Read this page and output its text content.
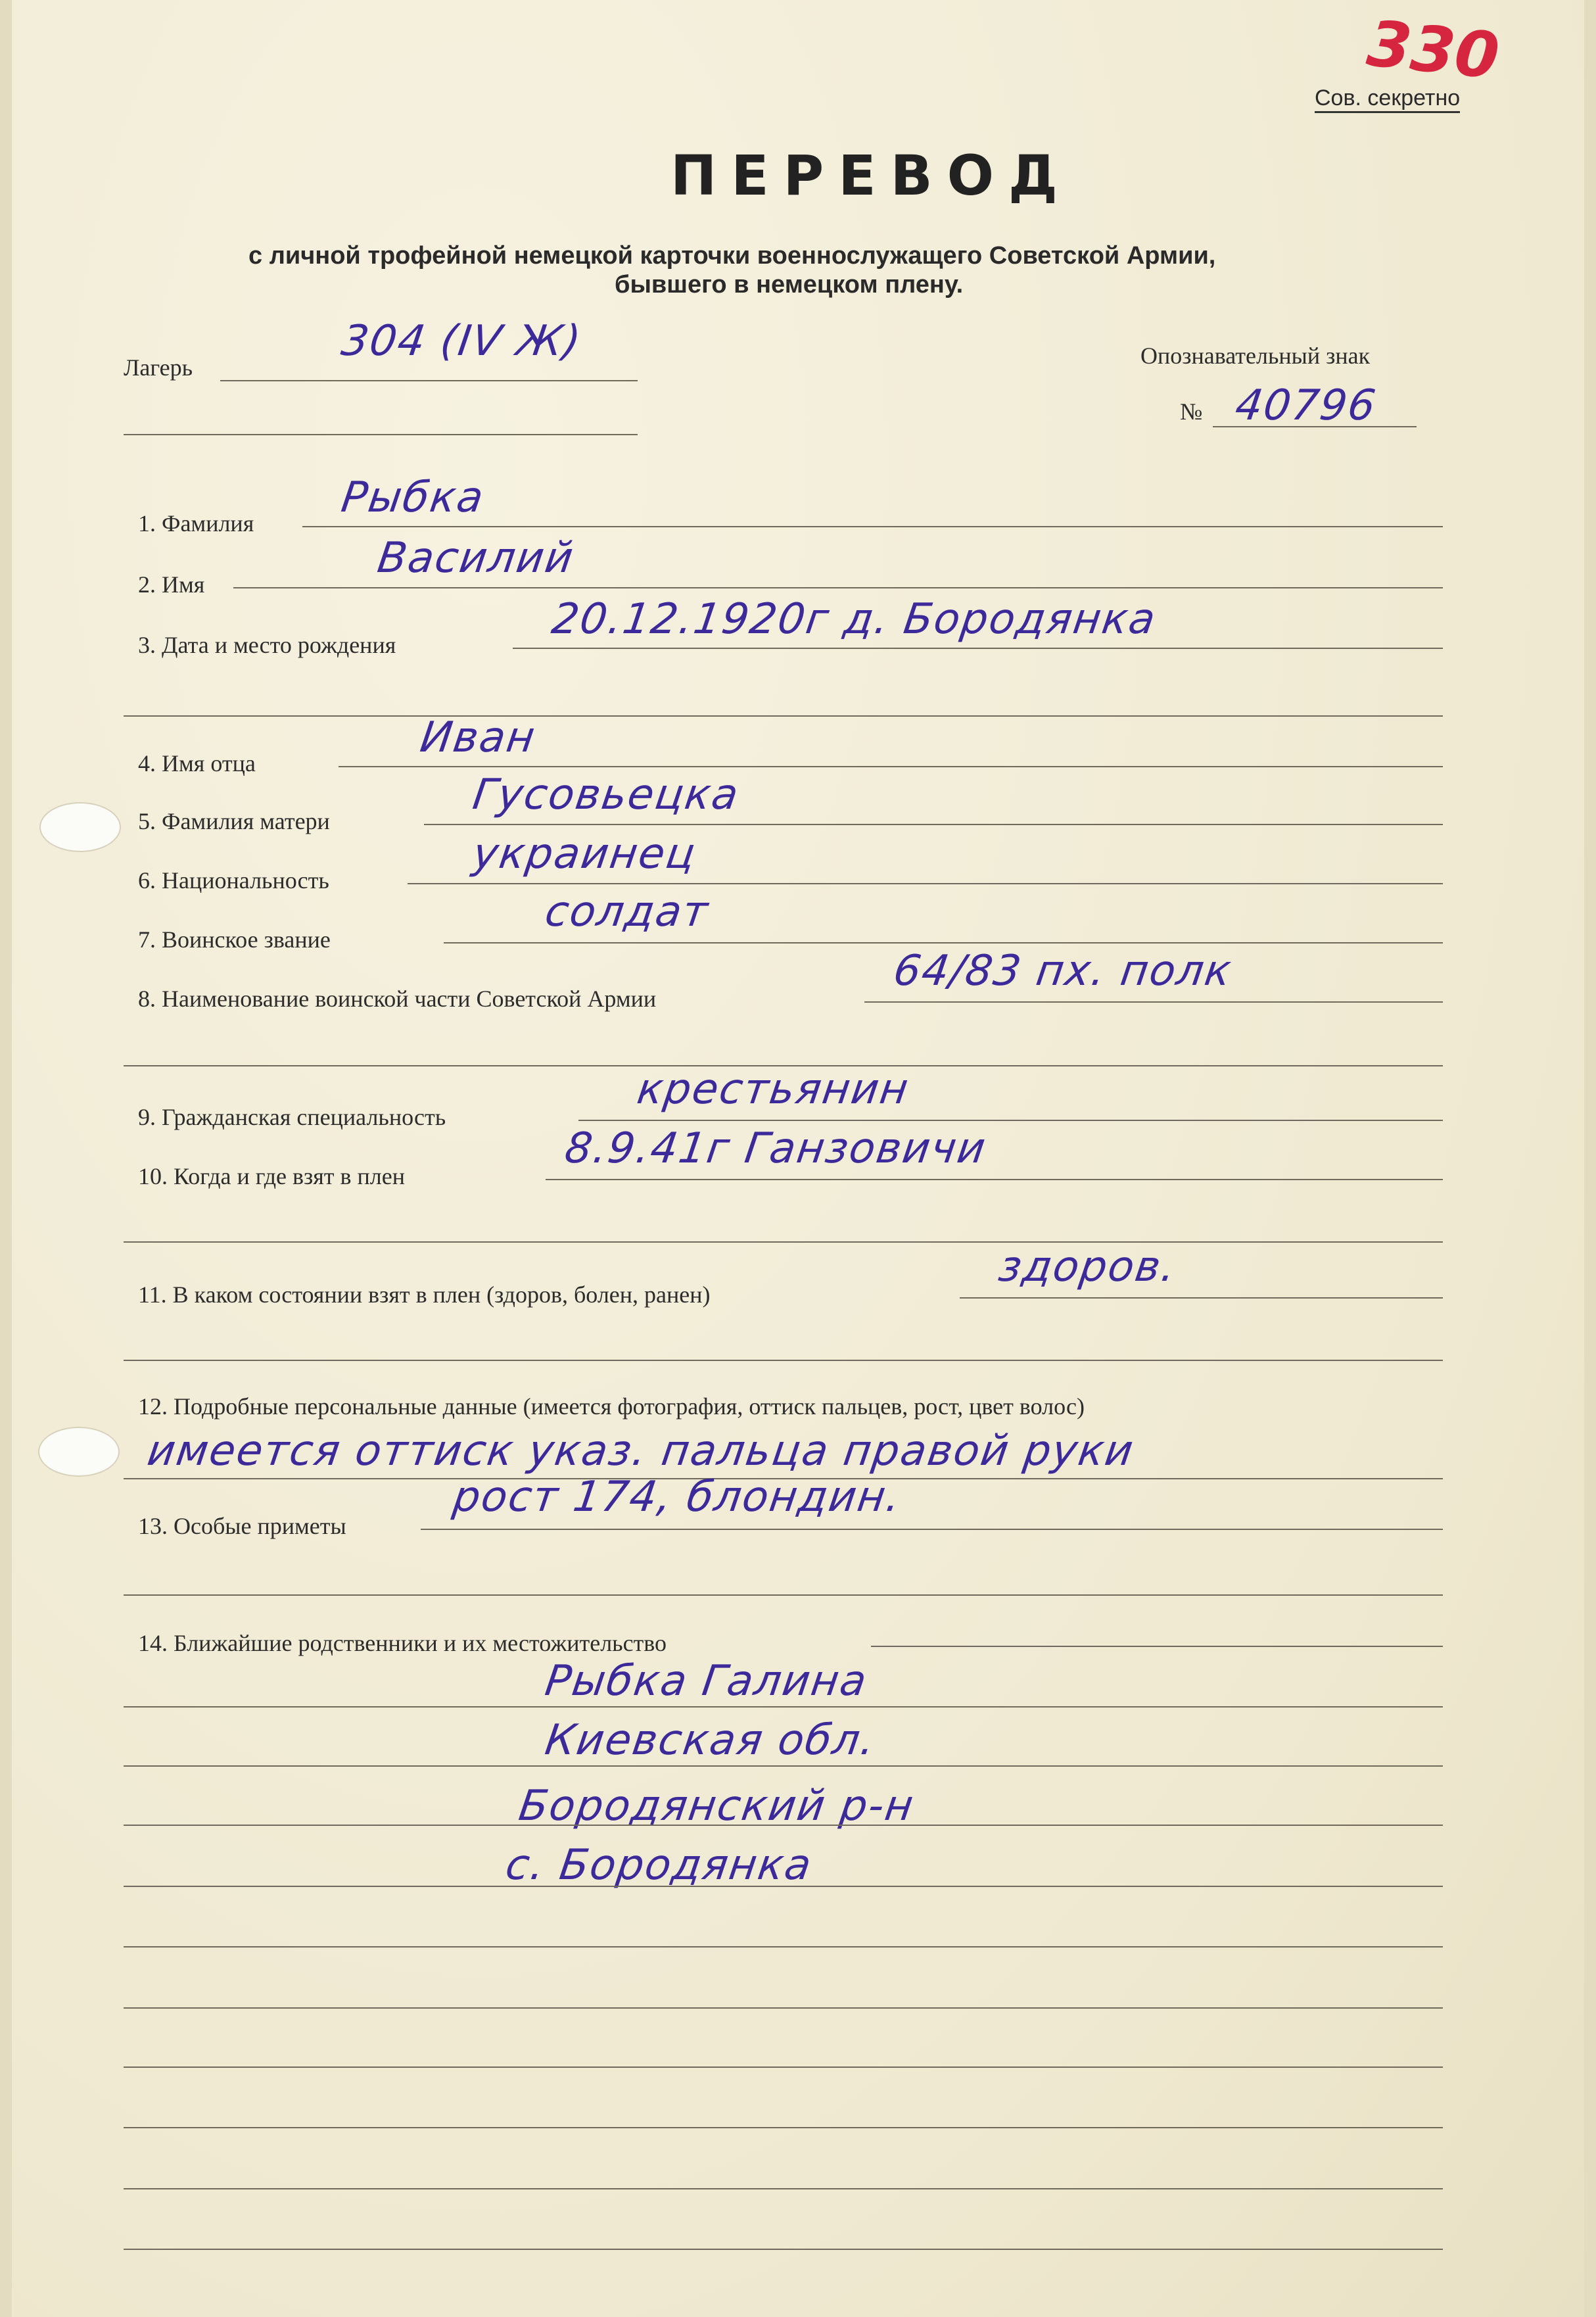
330
Сов. секретно
ПЕРЕВОД
с личной трофейной немецкой карточки военнослужащего Советской Армии,
бывшего в немецком плену.
Лагерь
304 (IV Ж)	Опознавательный знак
№ 40796
1. Фамилия
Рыбка
2. Имя
Василий
3. Дата и место рождения
20.12.1920г д. Бородянка
4. Имя отца
Иван
5. Фамилия матери
Гусовьецка
6. Национальность
украинец
7. Воинское звание
солдат
8. Наименование воинской части Советской Армии
64/83 пх. полк
9. Гражданская специальность
крестьянин
10. Когда и где взят в плен
8.9.41г Ганзовичи
11. В каком состоянии взят в плен (здоров, болен, ранен)
здоров.
12. Подробные персональные данные (имеется фотография, оттиск пальцев, рост, цвет волос)
имеется оттиск указ. пальца правой руки
13. Особые приметы
рост 174, блондин.
14. Ближайшие родственники и их местожительство
Рыбка Галина
Киевская обл.
Бородянский р-н
с. Бородянка
